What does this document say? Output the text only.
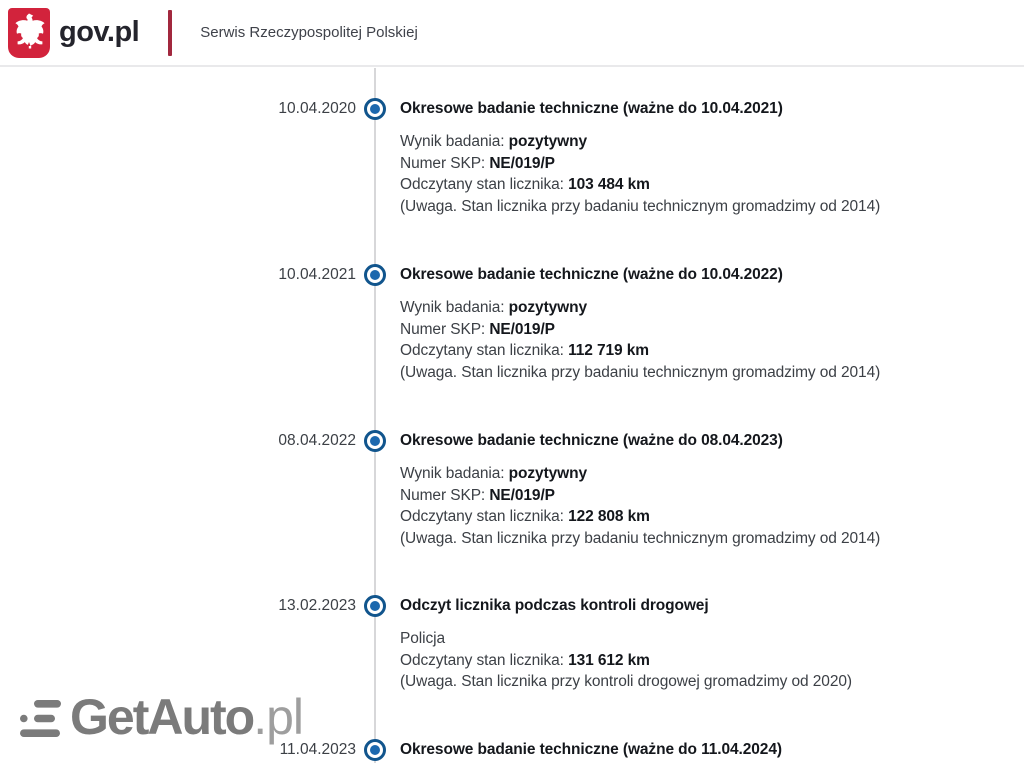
10.04.2020	Okresowe badanie techniczne (ważne do 10.04.2021)

Wynik badania: pozytywny

Numer SKP: NE/019/P

Odczytany stan licznika: 103 484 km

(Uwaga. Stan licznika przy badaniu technicznym gromadzimy od 2014)

10.04.2021	Okresowe badanie techniczne (ważne do 10.04.2022)

Wynik badania: pozytywny

Numer SKP: NE/019/P

Odczytany stan licznika: 112 719 km

(Uwaga. Stan licznika przy badaniu technicznym gromadzimy od 2014)

08.04.2022	Okresowe badanie techniczne (ważne do 08.04.2023)

Wynik badania: pozytywny

Numer SKP: NE/019/P

Odczytany stan licznika: 122 808 km

(Uwaga. Stan licznika przy badaniu technicznym gromadzimy od 2014)

13.02.2023	Odczyt licznika podczas kontroli drogowej

Policja

Odczytany stan licznika: 131 612 km

(Uwaga. Stan licznika przy kontroli drogowej gromadzimy od 2020)

11.04.2023	Okresowe badanie techniczne (ważne do 11.04.2024)
gov.pl	Serwis Rzeczypospolitej Polskiej
GetAuto.pl
